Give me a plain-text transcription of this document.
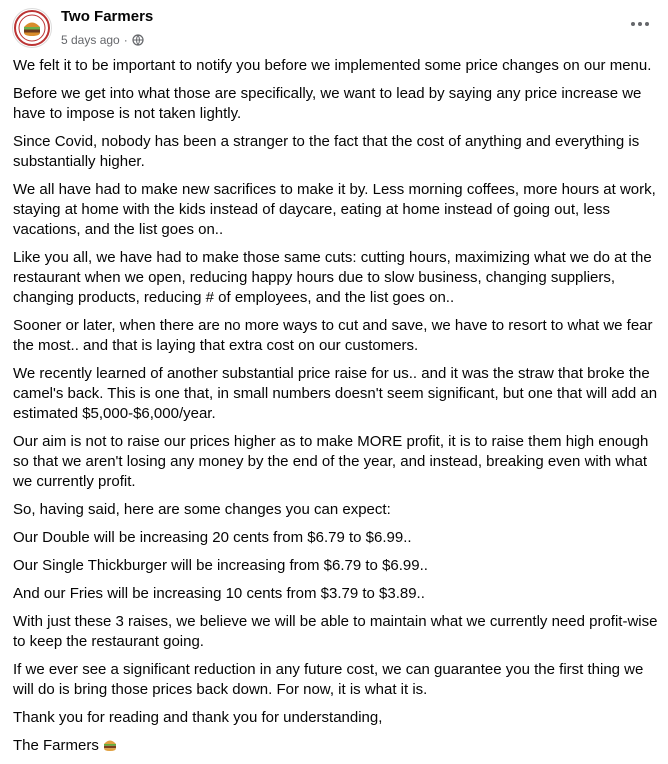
Two Farmers
5 days ago ·

We felt it to be important to notify you before we implemented some price changes on our menu.

Before we get into what those are specifically, we want to lead by saying any price increase we
have to impose is not taken lightly.

Since Covid, nobody has been a stranger to the fact that the cost of anything and everything is
substantially higher.

We all have had to make new sacrifices to make it by. Less morning coffees, more hours at work,
staying at home with the kids instead of daycare, eating at home instead of going out, less
vacations, and the list goes on..

Like you all, we have had to make those same cuts: cutting hours, maximizing what we do at the
restaurant when we open, reducing happy hours due to slow business, changing suppliers,
changing products, reducing # of employees, and the list goes on..

Sooner or later, when there are no more ways to cut and save, we have to resort to what we fear
the most.. and that is laying that extra cost on our customers.

We recently learned of another substantial price raise for us.. and it was the straw that broke the
camel's back. This is one that, in small numbers doesn't seem significant, but one that will add an
estimated $5,000-$6,000/year.

Our aim is not to raise our prices higher as to make MORE profit, it is to raise them high enough
so that we aren't losing any money by the end of the year, and instead, breaking even with what
we currently profit.

So, having said, here are some changes you can expect:

Our Double will be increasing 20 cents from $6.79 to $6.99..

Our Single Thickburger will be increasing from $6.79 to $6.99..

And our Fries will be increasing 10 cents from $3.79 to $3.89..

With just these 3 raises, we believe we will be able to maintain what we currently need profit-wise
to keep the restaurant going.

If we ever see a significant reduction in any future cost, we can guarantee you the first thing we
will do is bring those prices back down. For now, it is what it is.

Thank you for reading and thank you for understanding,

The Farmers
